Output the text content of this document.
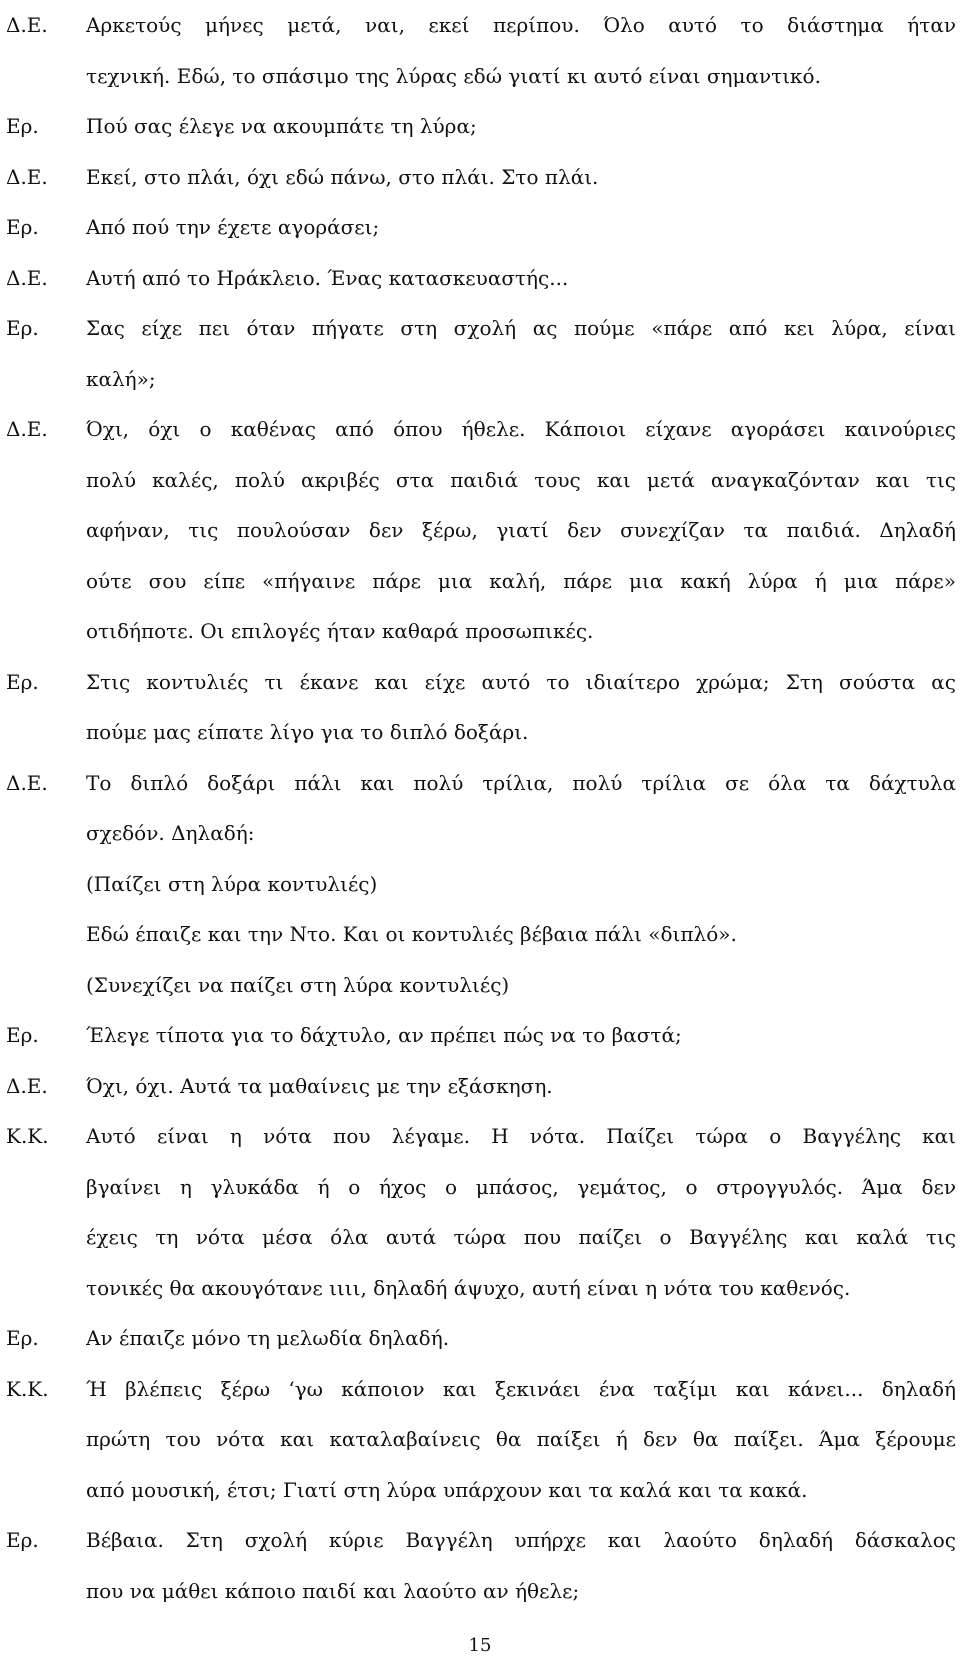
Δ.Ε.	Αρκετούς μήνες μετά, ναι, εκεί περίπου. Όλο αυτό το διάστημα ήταν
τεχνική. Εδώ, το σπάσιμο της λύρας εδώ γιατί κι αυτό είναι σημαντικό.
Ερ.	Πού σας έλεγε να ακουμπάτε τη λύρα;
Δ.Ε.	Εκεί, στο πλάι, όχι εδώ πάνω, στο πλάι. Στο πλάι.
Ερ.	Από πού την έχετε αγοράσει;
Δ.Ε.	Αυτή από το Ηράκλειο. Ένας κατασκευαστής...
Ερ.	Σας είχε πει όταν πήγατε στη σχολή ας πούμε «πάρε από κει λύρα, είναι
καλή»;
Δ.Ε.	Όχι, όχι ο καθένας από όπου ήθελε. Κάποιοι είχανε αγοράσει καινούριες
πολύ καλές, πολύ ακριβές στα παιδιά τους και μετά αναγκαζόνταν και τις
αφήναν, τις πουλούσαν δεν ξέρω, γιατί δεν συνεχίζαν τα παιδιά. Δηλαδή
ούτε σου είπε «πήγαινε πάρε μια καλή, πάρε μια κακή λύρα ή μια πάρε»
οτιδήποτε. Οι επιλογές ήταν καθαρά προσωπικές.
Ερ.	Στις κοντυλιές τι έκανε και είχε αυτό το ιδιαίτερο χρώμα; Στη σούστα ας
πούμε μας είπατε λίγο για το διπλό δοξάρι.
Δ.Ε.	Το διπλό δοξάρι πάλι και πολύ τρίλια, πολύ τρίλια σε όλα τα δάχτυλα
σχεδόν. Δηλαδή:
(Παίζει στη λύρα κοντυλιές)
Εδώ έπαιζε και την Ντο. Και οι κοντυλιές βέβαια πάλι «διπλό».
(Συνεχίζει να παίζει στη λύρα κοντυλιές)
Ερ.	Έλεγε τίποτα για το δάχτυλο, αν πρέπει πώς να το βαστά;
Δ.Ε.	Όχι, όχι. Αυτά τα μαθαίνεις με την εξάσκηση.
Κ.Κ.	Αυτό είναι η νότα που λέγαμε. Η νότα. Παίζει τώρα ο Βαγγέλης και
βγαίνει η γλυκάδα ή ο ήχος ο μπάσος, γεμάτος, ο στρογγυλός. Άμα δεν
έχεις τη νότα μέσα όλα αυτά τώρα που παίζει ο Βαγγέλης και καλά τις
τονικές θα ακουγότανε ιιιι, δηλαδή άψυχο, αυτή είναι η νότα του καθενός.
Ερ.	Αν έπαιζε μόνο τη μελωδία δηλαδή.
Κ.Κ.	Ή βλέπεις ξέρω ‘γω κάποιον και ξεκινάει ένα ταξίμι και κάνει... δηλαδή
πρώτη του νότα και καταλαβαίνεις θα παίξει ή δεν θα παίξει. Άμα ξέρουμε
από μουσική, έτσι; Γιατί στη λύρα υπάρχουν και τα καλά και τα κακά.
Ερ.	Βέβαια. Στη σχολή κύριε Βαγγέλη υπήρχε και λαούτο δηλαδή δάσκαλος
που να μάθει κάποιο παιδί και λαούτο αν ήθελε;
15
